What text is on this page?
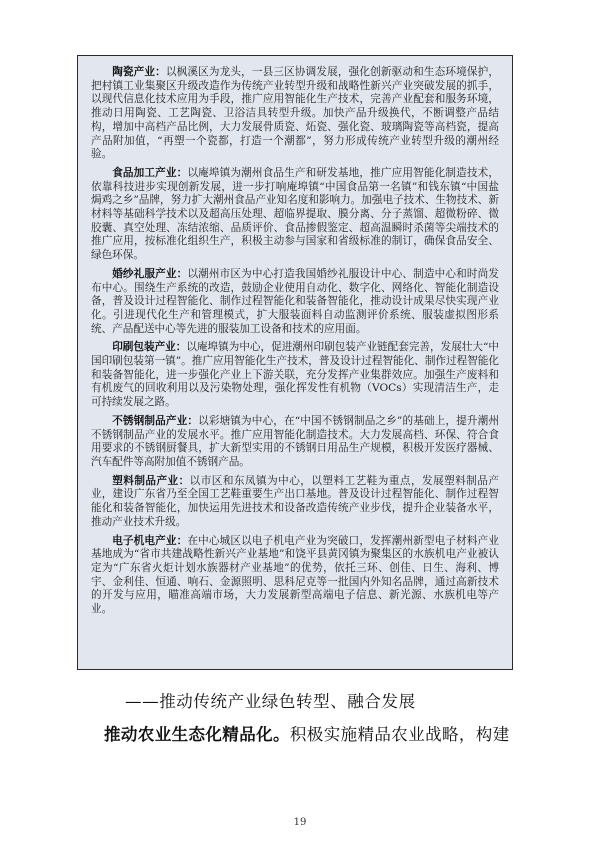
陶瓷产业：以枫溪区为龙头，一县三区协调发展，强化创新驱动和生态环境保护，把村镇工业集聚区升级改造作为传统产业转型升级和战略性新兴产业突破发展的抓手，以现代信息化技术应用为手段，推广应用智能化生产技术，完善产业配套和服务环境，推动日用陶瓷、工艺陶瓷、卫浴洁具转型升级。加快产品升级换代，不断调整产品结构，增加中高档产品比例，大力发展骨质瓷、炻瓷、强化瓷、玻璃陶瓷等高档瓷，提高产品附加值，“再塑一个瓷都，打造一个潮都”，努力形成传统产业转型升级的潮州经验。

食品加工产业：以庵埠镇为潮州食品生产和研发基地，推广应用智能化制造技术，依靠科技进步实现创新发展，进一步打响庵埠镇“中国食品第一名镇”和钱东镇“中国盐焗鸡之乡”品牌，努力扩大潮州食品产业知名度和影响力。加强电子技术、生物技术、新材料等基础科学技术以及超高压处理、超临界提取、膜分离、分子蒸馏、超微粉碎、微胶囊、真空处理、冻结浓缩、品质评价、食品掺假鉴定、超高温瞬时杀菌等尖端技术的推广应用，按标准化组织生产，积极主动参与国家和省级标准的制订，确保食品安全、绿色环保。

婚纱礼服产业：以潮州市区为中心打造我国婚纱礼服设计中心、制造中心和时尚发布中心。围绕生产系统的改造，鼓励企业使用自动化、数字化、网络化、智能化制造设备，普及设计过程智能化、制作过程智能化和装备智能化，推动设计成果尽快实现产业化。引进现代化生产和管理模式，扩大服装面料自动监测评价系统、服装虚拟图形系统、产品配送中心等先进的服装加工设备和技术的应用面。

印刷包装产业：以庵埠镇为中心，促进潮州印刷包装产业链配套完善，发展壮大“中国印刷包装第一镇”。推广应用智能化生产技术，普及设计过程智能化、制作过程智能化和装备智能化，进一步强化产业上下游关联，充分发挥产业集群效应。加强生产废料和有机废气的回收利用以及污染物处理，强化挥发性有机物（VOCs）实现清洁生产，走可持续发展之路。

不锈钢制品产业：以彩塘镇为中心，在“中国不锈钢制品之乡”的基础上，提升潮州不锈钢制品产业的发展水平。推广应用智能化制造技术。大力发展高档、环保、符合食用要求的不锈钢厨餐具，扩大新型实用的不锈钢日用品生产规模，积极开发医疗器械、汽车配件等高附加值不锈钢产品。

塑料制品产业：以市区和东凤镇为中心，以塑料工艺鞋为重点，发展塑料制品产业，建设广东省乃至全国工艺鞋重要生产出口基地。普及设计过程智能化、制作过程智能化和装备智能化，加快运用先进技术和设备改造传统产业步伐，提升企业装备水平，推动产业技术升级。

电子机电产业：在中心城区以电子机电产业为突破口，发挥潮州新型电子材料产业基地成为“省市共建战略性新兴产业基地”和饶平县黄冈镇为聚集区的水族机电产业被认定为“广东省火炬计划水族器材产业基地”的优势，依托三环、创佳、日生、海利、博宇、金利佳、恒通、响石、金源照明、思科尼克等一批国内外知名品牌，通过高新技术的开发与应用，瞄准高端市场，大力发展新型高端电子信息、新光源、水族机电等产业。

——推动传统产业绿色转型、融合发展
推动农业生态化精品化。积极实施精品农业战略，构建
19
